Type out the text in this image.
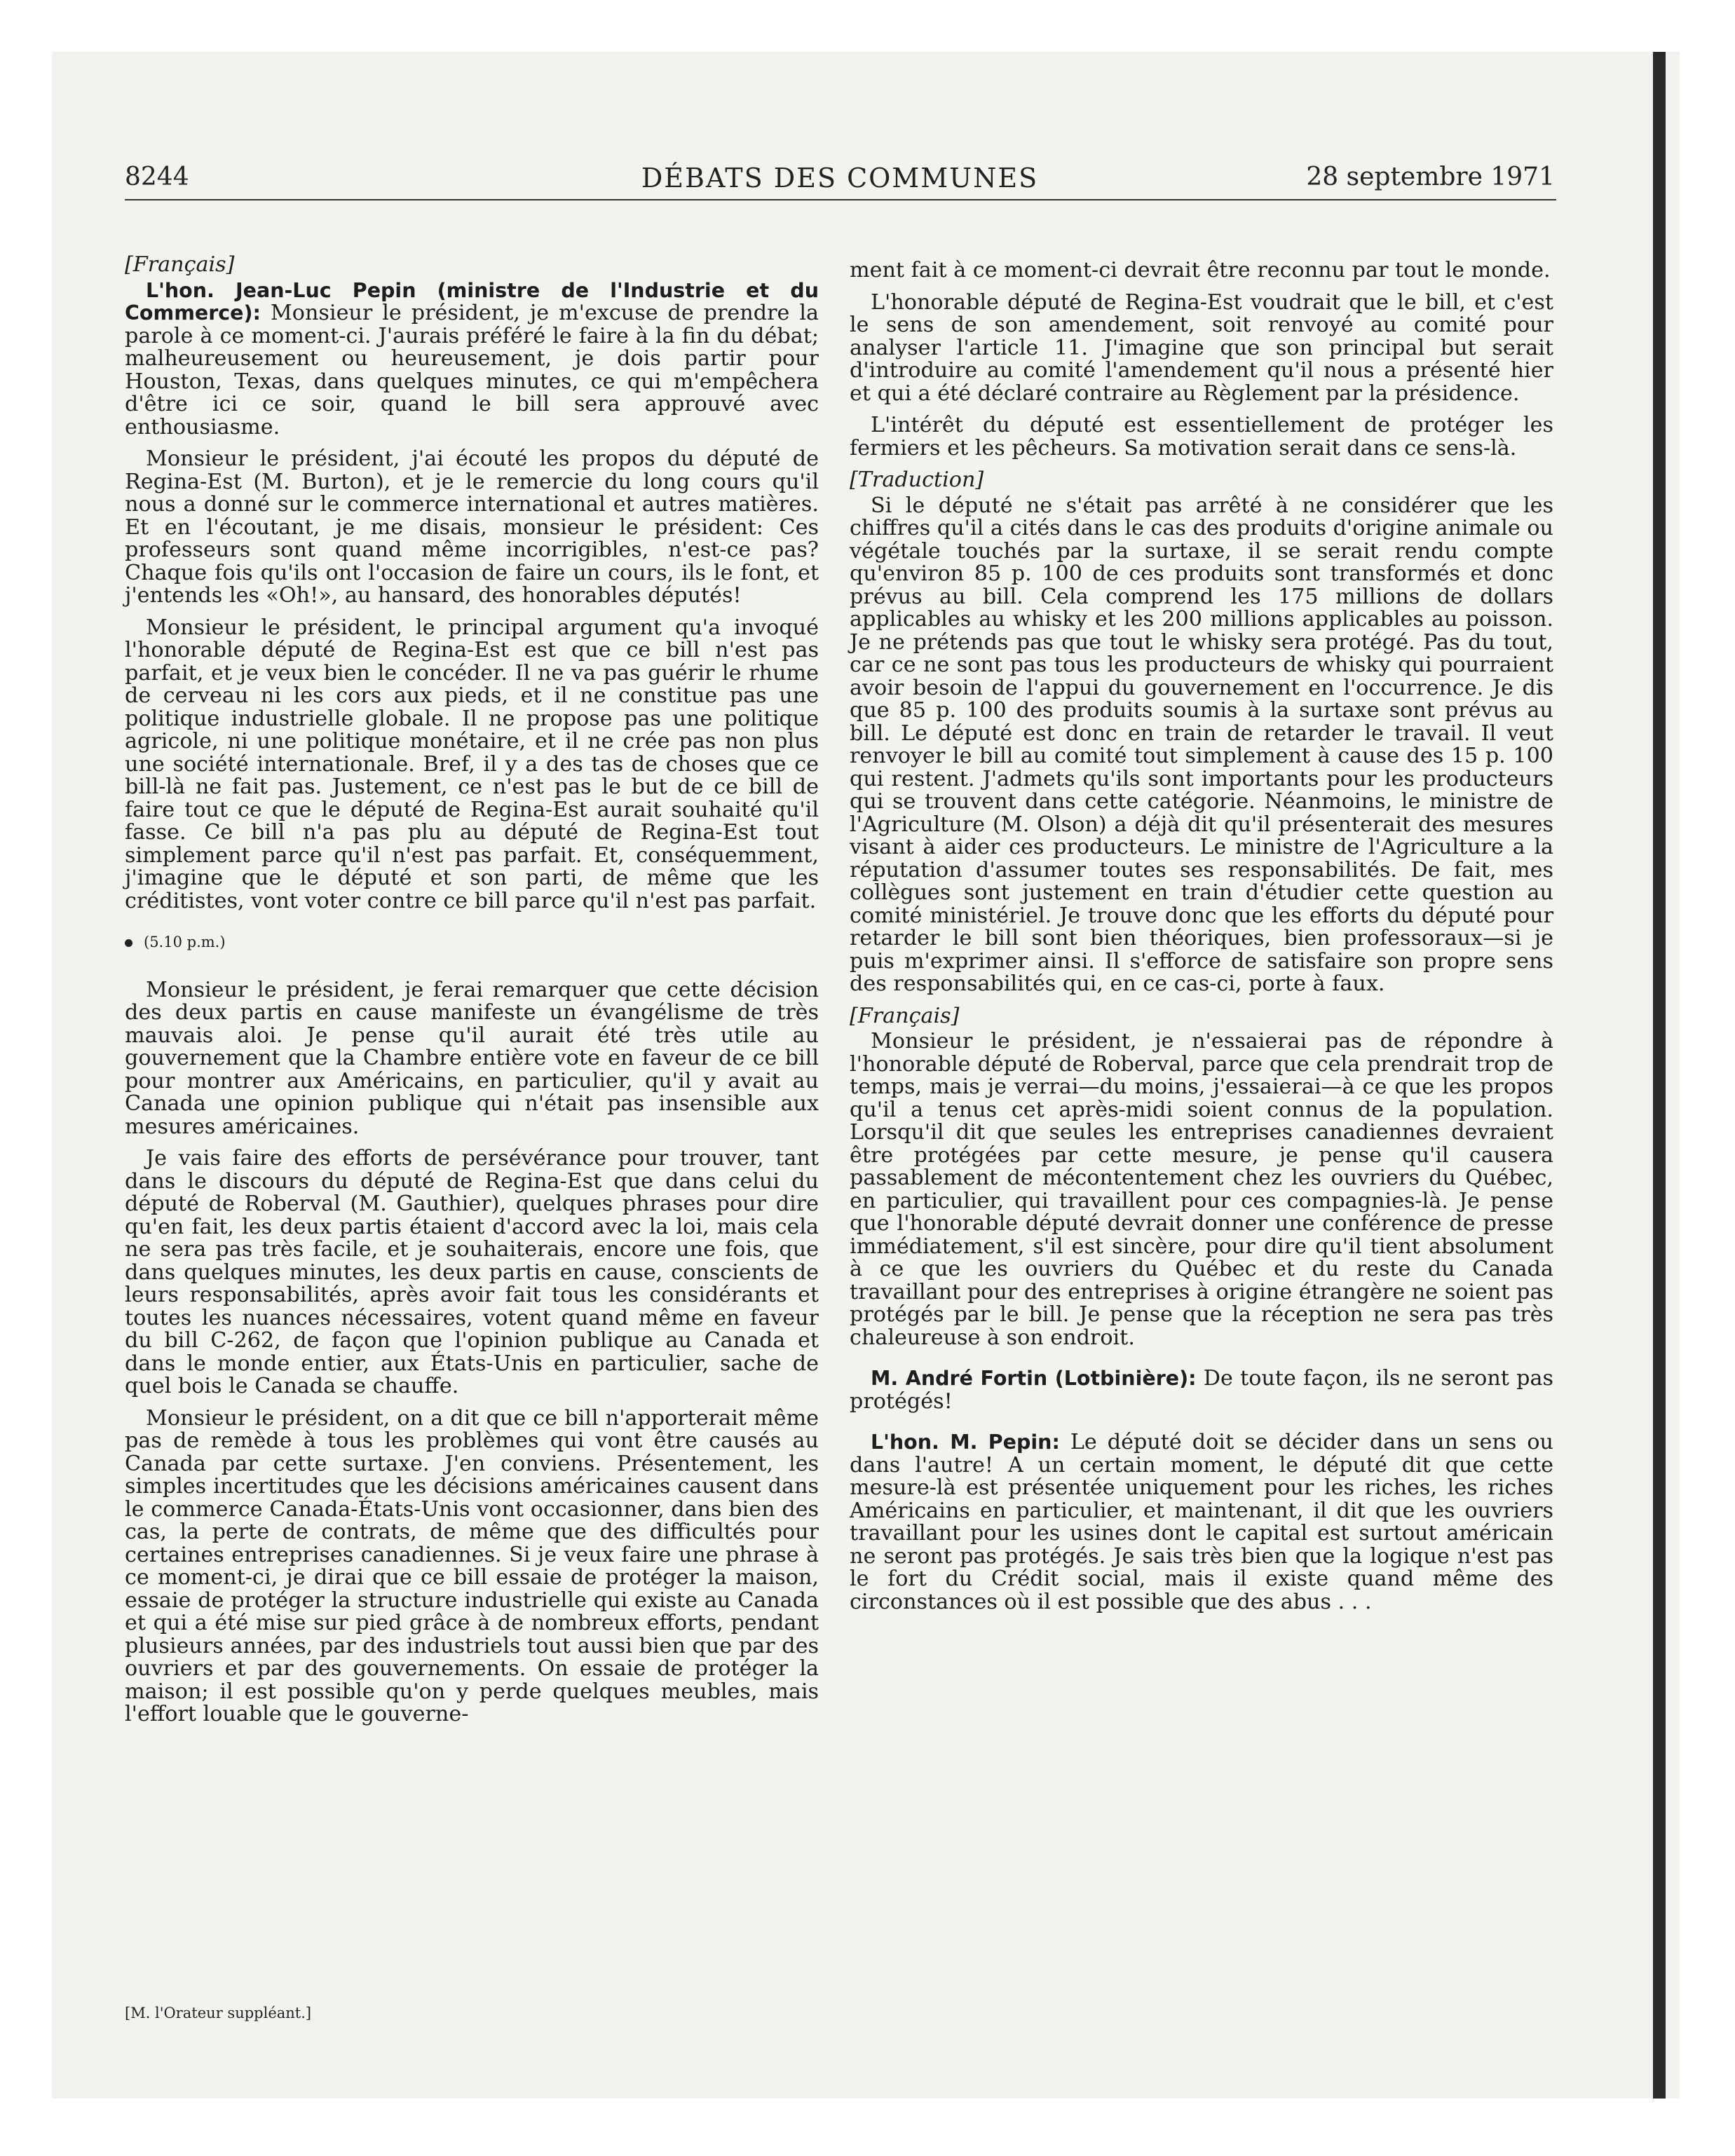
8244	DÉBATS DES COMMUNES	28 septembre 1971

[Français]

L'hon. Jean-Luc Pepin (ministre de l'Industrie et du Commerce): Monsieur le président, je m'excuse de prendre la parole à ce moment-ci. J'aurais préféré le faire à la fin du débat; malheureusement ou heureusement, je dois partir pour Houston, Texas, dans quelques minutes, ce qui m'empêchera d'être ici ce soir, quand le bill sera approuvé avec enthousiasme.

Monsieur le président, j'ai écouté les propos du député de Regina-Est (M. Burton), et je le remercie du long cours qu'il nous a donné sur le commerce international et autres matières. Et en l'écoutant, je me disais, monsieur le président: Ces professeurs sont quand même incorrigibles, n'est-ce pas? Chaque fois qu'ils ont l'occasion de faire un cours, ils le font, et j'entends les «Oh!», au hansard, des honorables députés!

Monsieur le président, le principal argument qu'a invoqué l'honorable député de Regina-Est est que ce bill n'est pas parfait, et je veux bien le concéder. Il ne va pas guérir le rhume de cerveau ni les cors aux pieds, et il ne constitue pas une politique industrielle globale. Il ne propose pas une politique agricole, ni une politique monétaire, et il ne crée pas non plus une société internationale. Bref, il y a des tas de choses que ce bill-là ne fait pas. Justement, ce n'est pas le but de ce bill de faire tout ce que le député de Regina-Est aurait souhaité qu'il fasse. Ce bill n'a pas plu au député de Regina-Est tout simplement parce qu'il n'est pas parfait. Et, conséquemment, j'imagine que le député et son parti, de même que les créditistes, vont voter contre ce bill parce qu'il n'est pas parfait.

(5.10 p.m.)

Monsieur le président, je ferai remarquer que cette décision des deux partis en cause manifeste un évangélisme de très mauvais aloi. Je pense qu'il aurait été très utile au gouvernement que la Chambre entière vote en faveur de ce bill pour montrer aux Américains, en particulier, qu'il y avait au Canada une opinion publique qui n'était pas insensible aux mesures américaines.

Je vais faire des efforts de persévérance pour trouver, tant dans le discours du député de Regina-Est que dans celui du député de Roberval (M. Gauthier), quelques phrases pour dire qu'en fait, les deux partis étaient d'accord avec la loi, mais cela ne sera pas très facile, et je souhaiterais, encore une fois, que dans quelques minutes, les deux partis en cause, conscients de leurs responsabilités, après avoir fait tous les considérants et toutes les nuances nécessaires, votent quand même en faveur du bill C-262, de façon que l'opinion publique au Canada et dans le monde entier, aux États-Unis en particulier, sache de quel bois le Canada se chauffe.

Monsieur le président, on a dit que ce bill n'apporterait même pas de remède à tous les problèmes qui vont être causés au Canada par cette surtaxe. J'en conviens. Présentement, les simples incertitudes que les décisions américaines causent dans le commerce Canada-États-Unis vont occasionner, dans bien des cas, la perte de contrats, de même que des difficultés pour certaines entreprises canadiennes. Si je veux faire une phrase à ce moment-ci, je dirai que ce bill essaie de protéger la maison, essaie de protéger la structure industrielle qui existe au Canada et qui a été mise sur pied grâce à de nombreux efforts, pendant plusieurs années, par des industriels tout aussi bien que par des ouvriers et par des gouvernements. On essaie de protéger la maison; il est possible qu'on y perde quelques meubles, mais l'effort louable que le gouverne-

ment fait à ce moment-ci devrait être reconnu par tout le monde.

L'honorable député de Regina-Est voudrait que le bill, et c'est le sens de son amendement, soit renvoyé au comité pour analyser l'article 11. J'imagine que son principal but serait d'introduire au comité l'amendement qu'il nous a présenté hier et qui a été déclaré contraire au Règlement par la présidence.

L'intérêt du député est essentiellement de protéger les fermiers et les pêcheurs. Sa motivation serait dans ce sens-là.

[Traduction]

Si le député ne s'était pas arrêté à ne considérer que les chiffres qu'il a cités dans le cas des produits d'origine animale ou végétale touchés par la surtaxe, il se serait rendu compte qu'environ 85 p. 100 de ces produits sont transformés et donc prévus au bill. Cela comprend les 175 millions de dollars applicables au whisky et les 200 millions applicables au poisson. Je ne prétends pas que tout le whisky sera protégé. Pas du tout, car ce ne sont pas tous les producteurs de whisky qui pourraient avoir besoin de l'appui du gouvernement en l'occurrence. Je dis que 85 p. 100 des produits soumis à la surtaxe sont prévus au bill. Le député est donc en train de retarder le travail. Il veut renvoyer le bill au comité tout simplement à cause des 15 p. 100 qui restent. J'admets qu'ils sont importants pour les producteurs qui se trouvent dans cette catégorie. Néanmoins, le ministre de l'Agriculture (M. Olson) a déjà dit qu'il présenterait des mesures visant à aider ces producteurs. Le ministre de l'Agriculture a la réputation d'assumer toutes ses responsabilités. De fait, mes collègues sont justement en train d'étudier cette question au comité ministériel. Je trouve donc que les efforts du député pour retarder le bill sont bien théoriques, bien professoraux—si je puis m'exprimer ainsi. Il s'efforce de satisfaire son propre sens des responsabilités qui, en ce cas-ci, porte à faux.

[Français]

Monsieur le président, je n'essaierai pas de répondre à l'honorable député de Roberval, parce que cela prendrait trop de temps, mais je verrai—du moins, j'essaierai—à ce que les propos qu'il a tenus cet après-midi soient connus de la population. Lorsqu'il dit que seules les entreprises canadiennes devraient être protégées par cette mesure, je pense qu'il causera passablement de mécontentement chez les ouvriers du Québec, en particulier, qui travaillent pour ces compagnies-là. Je pense que l'honorable député devrait donner une conférence de presse immédiatement, s'il est sincère, pour dire qu'il tient absolument à ce que les ouvriers du Québec et du reste du Canada travaillant pour des entreprises à origine étrangère ne soient pas protégés par le bill. Je pense que la réception ne sera pas très chaleureuse à son endroit.

M. André Fortin (Lotbinière): De toute façon, ils ne seront pas protégés!

L'hon. M. Pepin: Le député doit se décider dans un sens ou dans l'autre! A un certain moment, le député dit que cette mesure-là est présentée uniquement pour les riches, les riches Américains en particulier, et maintenant, il dit que les ouvriers travaillant pour les usines dont le capital est surtout américain ne seront pas protégés. Je sais très bien que la logique n'est pas le fort du Crédit social, mais il existe quand même des circonstances où il est possible que des abus . . .

[M. l'Orateur suppléant.]
